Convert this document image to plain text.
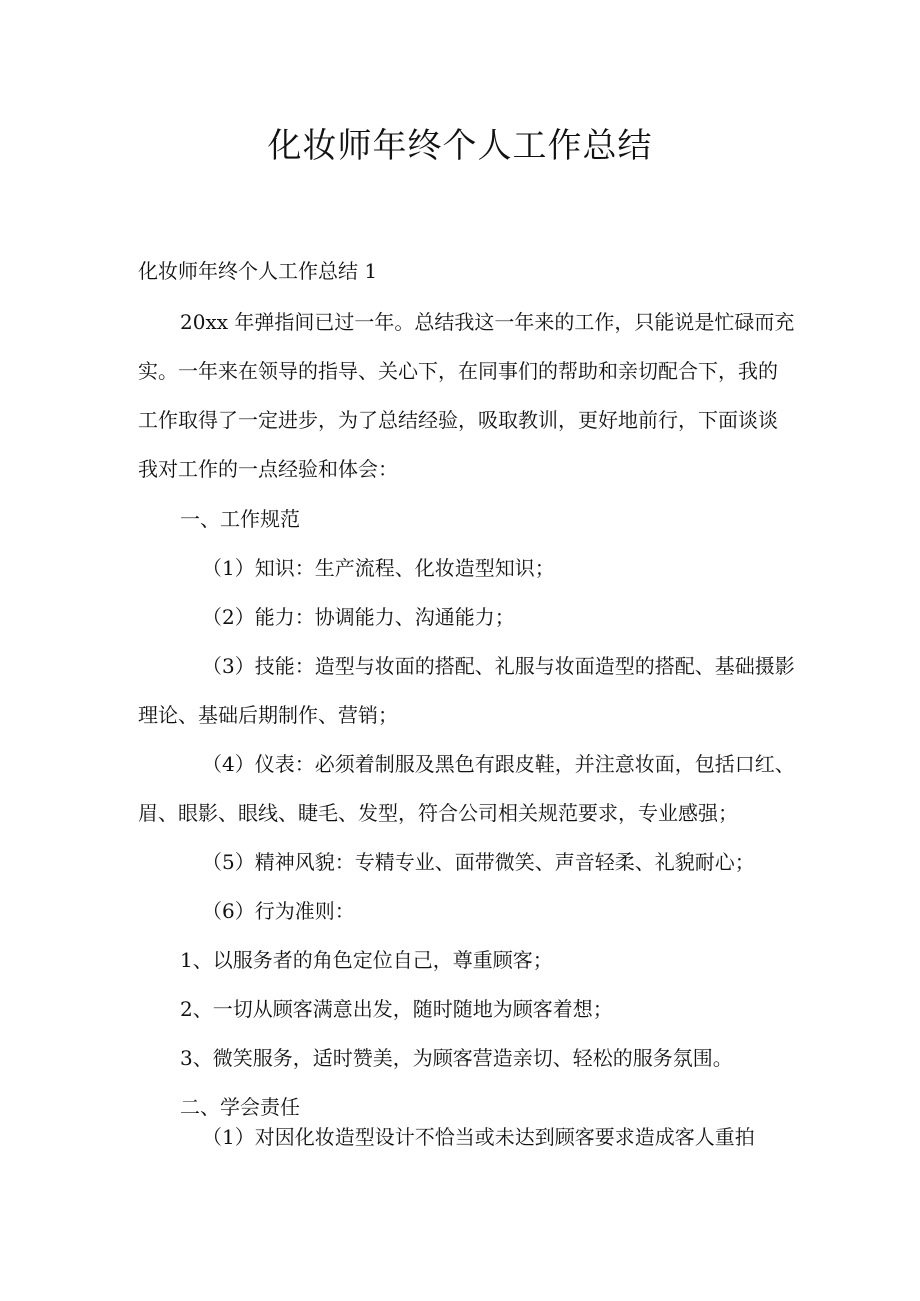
化妆师年终个人工作总结

化妆师年终个人工作总结 1

20xx 年弹指间已过一年。总结我这一年来的工作，只能说是忙碌而充

实。一年来在领导的指导、关心下，在同事们的帮助和亲切配合下，我的

工作取得了一定进步，为了总结经验，吸取教训，更好地前行，下面谈谈

我对工作的一点经验和体会：

一、工作规范

（1）知识：生产流程、化妆造型知识；

（2）能力：协调能力、沟通能力；

（3）技能：造型与妆面的搭配、礼服与妆面造型的搭配、基础摄影

理论、基础后期制作、营销；

（4）仪表：必须着制服及黑色有跟皮鞋，并注意妆面，包括口红、

眉、眼影、眼线、睫毛、发型，符合公司相关规范要求，专业感强；

（5）精神风貌：专精专业、面带微笑、声音轻柔、礼貌耐心；

（6）行为准则：

1、以服务者的角色定位自己，尊重顾客；

2、一切从顾客满意出发，随时随地为顾客着想；

3、微笑服务，适时赞美，为顾客营造亲切、轻松的服务氛围。

二、学会责任

（1）对因化妆造型设计不恰当或未达到顾客要求造成客人重拍
